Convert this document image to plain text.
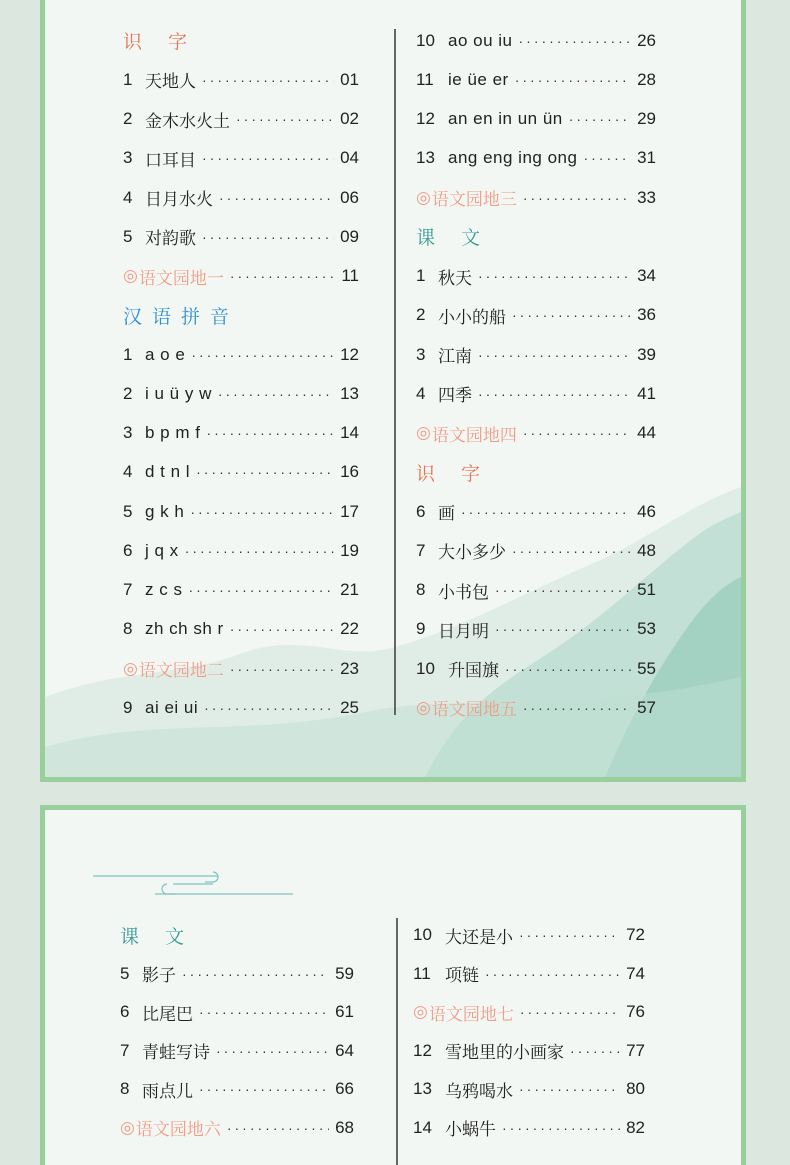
识 字
1 天地人 ·····	01
2 金木水火土 ·····	02
3 口耳目 ·····	04
4 日月水火 ·····	06
5 对韵歌 ·····	09
◎ 语文园地一 ·····	11
汉语拼音
1 a o e ·····	12
2 i u ü y w ·····	13
3 b p m f ·····	14
4 d t n l ·····	16
5 g k h ·····	17
6 j q x ·····	19
7 z c s ·····	21
8 zh ch sh r ·····	22
◎ 语文园地二 ·····	23
9 ai ei ui ·····	25
10 ao ou iu ·····	26
11 ie üe er ·····	28
12 an en in un ün ·····	29
13 ang eng ing ong ·····	31
◎ 语文园地三 ·····	33
课 文
1 秋天 ·····	34
2 小小的船 ·····	36
3 江南 ·····	39
4 四季 ·····	41
◎ 语文园地四 ·····	44
识 字
6 画 ·····	46
7 大小多少 ·····	48
8 小书包 ·····	51
9 日月明 ·····	53
10 升国旗 ·····	55
◎ 语文园地五 ·····	57
课 文
5 影子 ·····	59
6 比尾巴 ·····	61
7 青蛙写诗 ·····	64
8 雨点儿 ·····	66
◎ 语文园地六 ·····	68
10 大还是小 ·····	72
11 项链 ·····	74
◎ 语文园地七 ·····	76
12 雪地里的小画家 ·····	77
13 乌鸦喝水 ·····	80
14 小蜗牛 ·····	82
